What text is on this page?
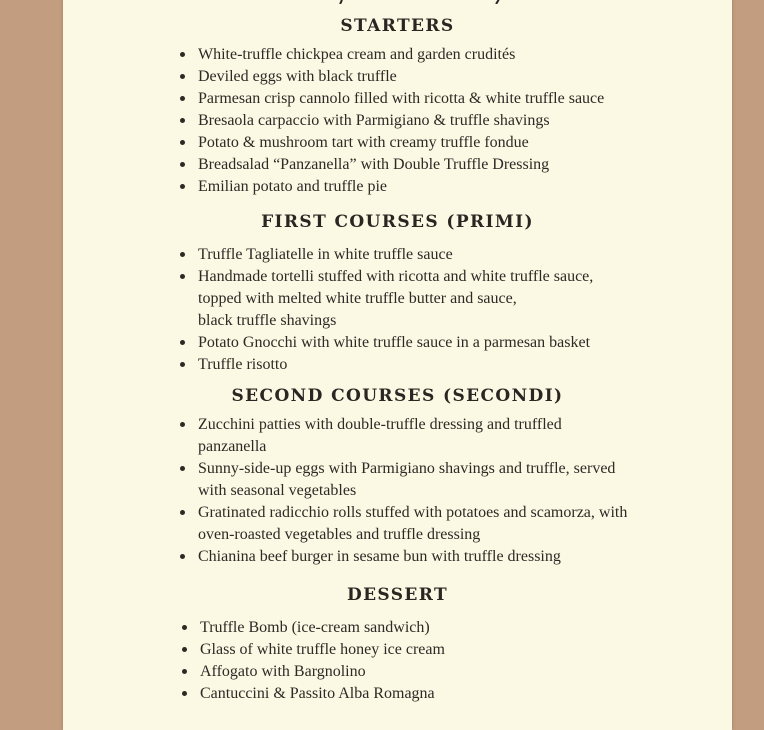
STARTERS
White-truffle chickpea cream and garden crudités
Deviled eggs with black truffle
Parmesan crisp cannolo filled with ricotta & white truffle sauce
Bresaola carpaccio with Parmigiano & truffle shavings
Potato & mushroom tart with creamy truffle fondue
Breadsalad “Panzanella” with Double Truffle Dressing
Emilian potato and truffle pie
FIRST COURSES (PRIMI)
Truffle Tagliatelle in white truffle sauce
Handmade tortelli stuffed with ricotta and white truffle sauce,
topped with melted white truffle butter and sauce,
black truffle shavings
Potato Gnocchi with white truffle sauce in a parmesan basket
Truffle risotto
SECOND COURSES (SECONDI)
Zucchini patties with double-truffle dressing and truffled
panzanella
Sunny-side-up eggs with Parmigiano shavings and truffle, served
with seasonal vegetables
Gratinated radicchio rolls stuffed with potatoes and scamorza, with
oven-roasted vegetables and truffle dressing
Chianina beef burger in sesame bun with truffle dressing
DESSERT
Truffle Bomb (ice-cream sandwich)
Glass of white truffle honey ice cream
Affogato with Bargnolino
Cantuccini & Passito Alba Romagna
